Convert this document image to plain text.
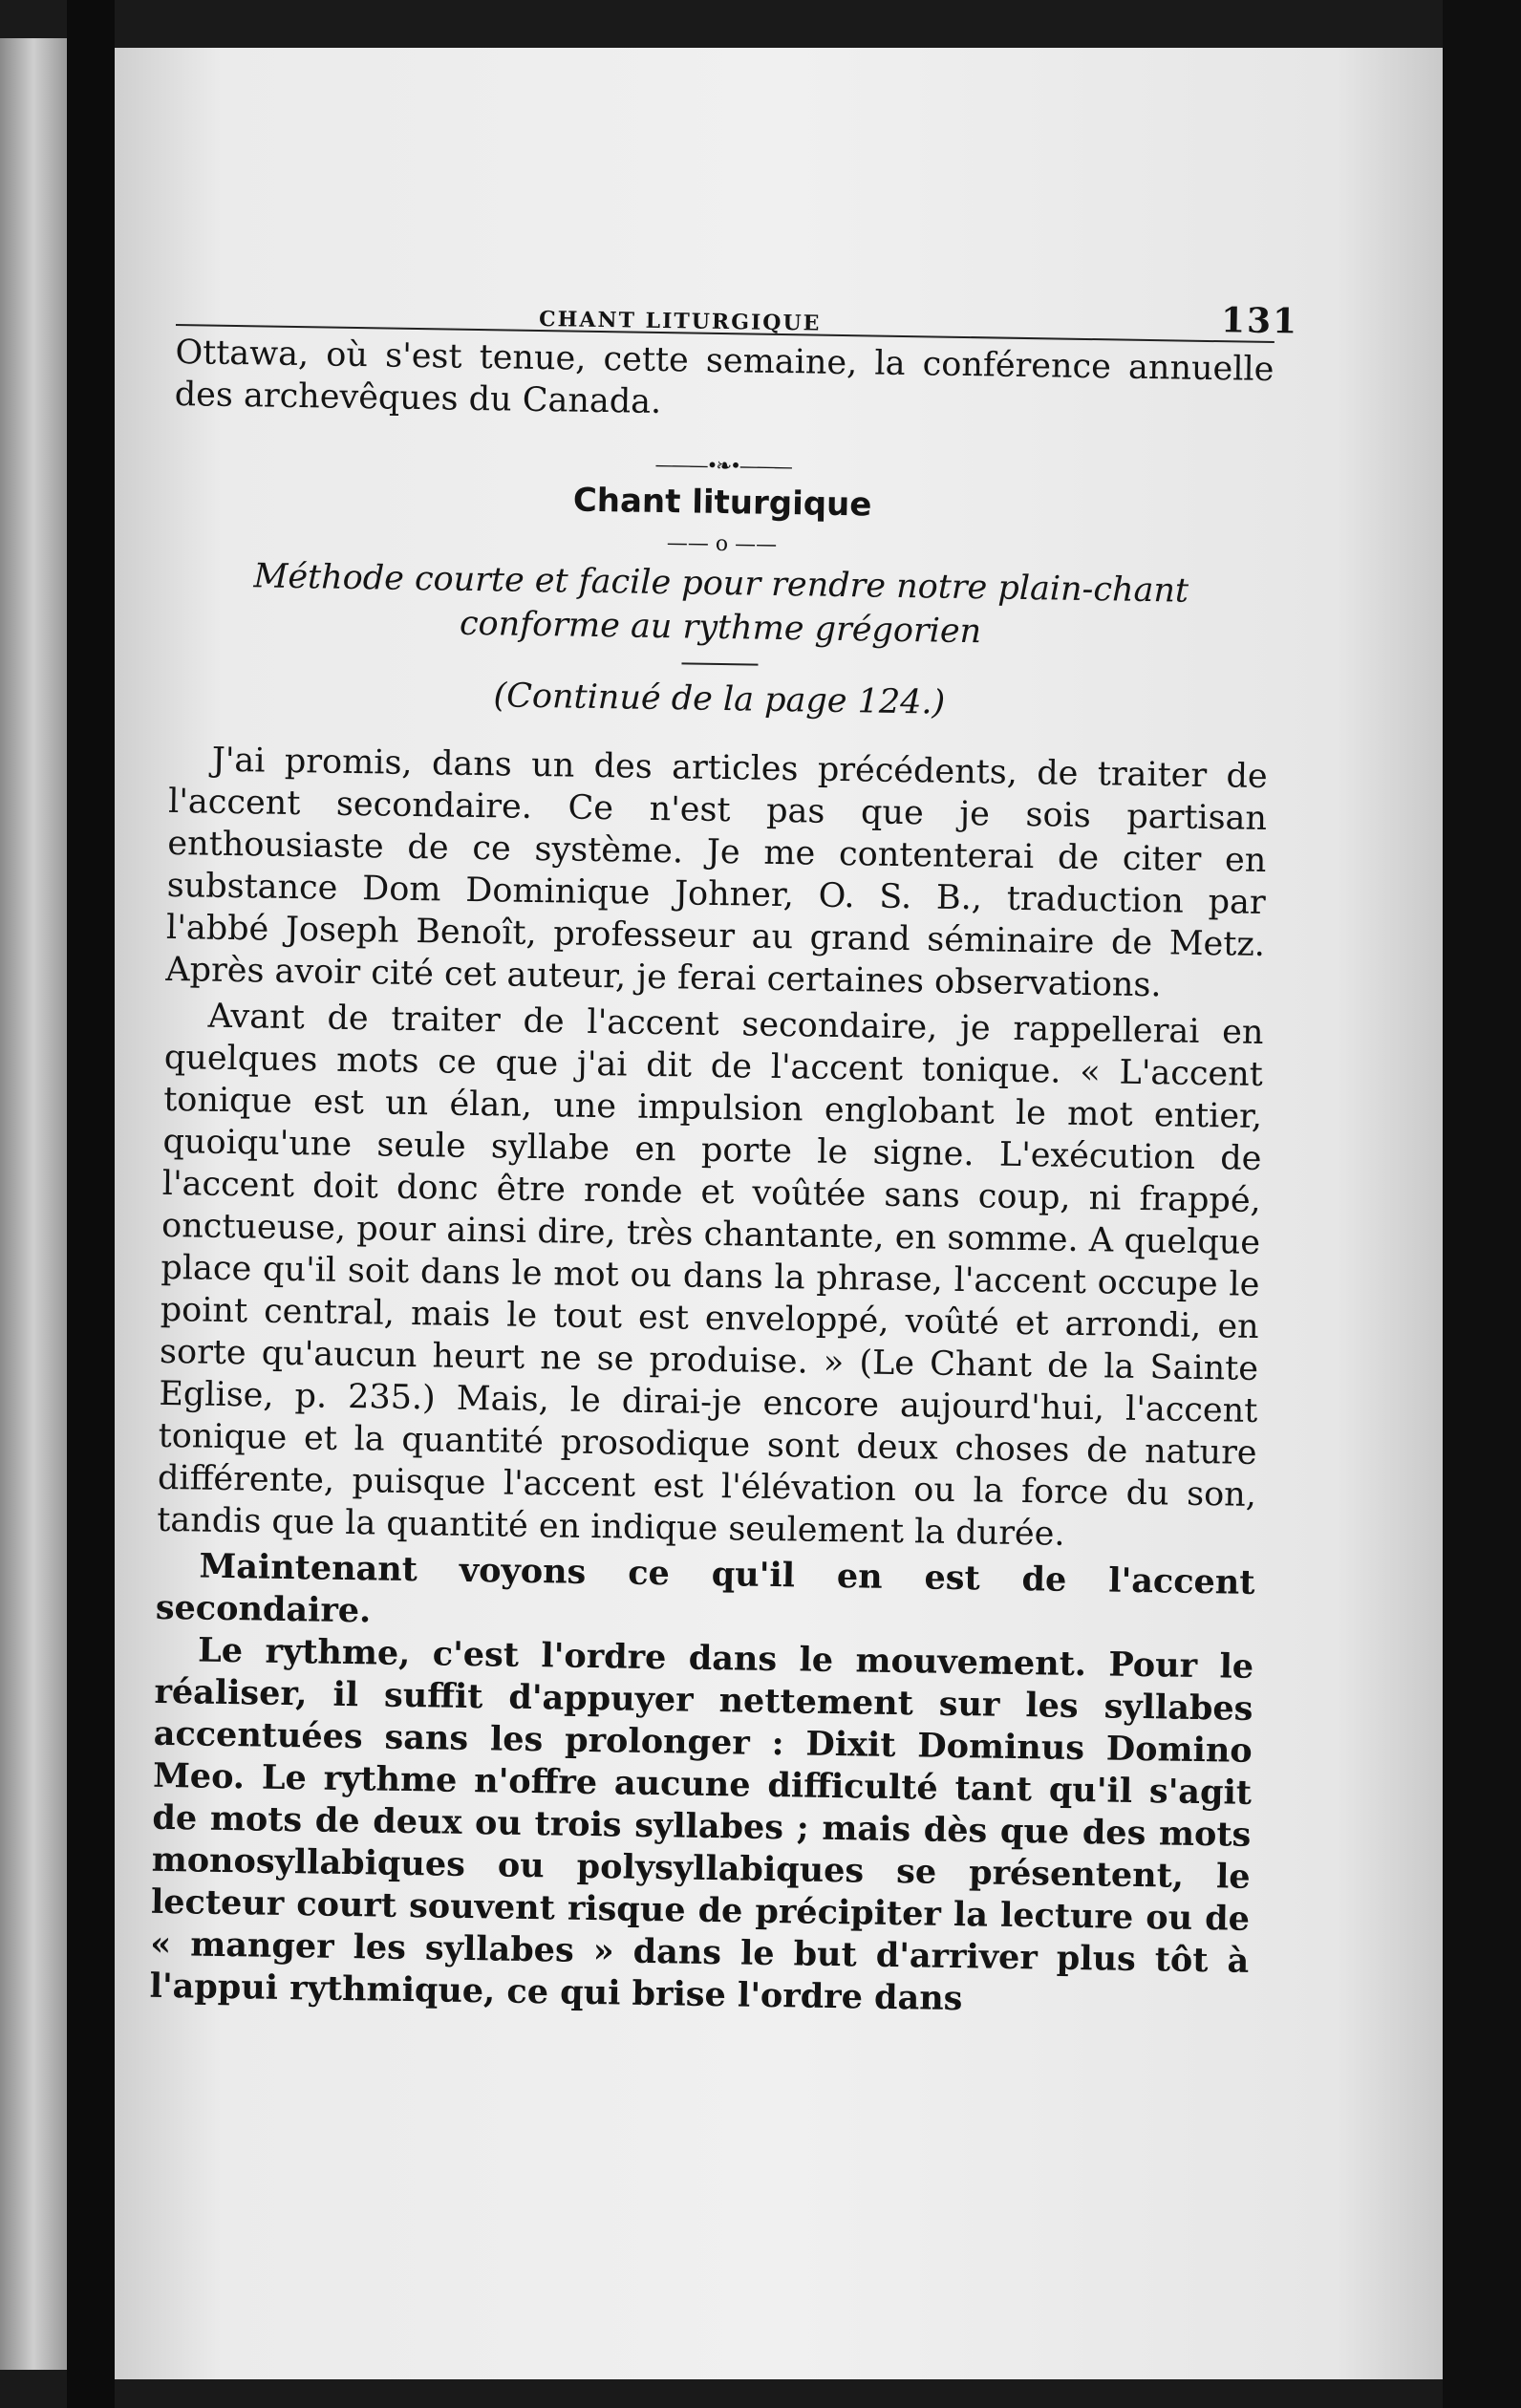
CHANT LITURGIQUE	131

Ottawa, où s'est tenue, cette semaine, la conférence annuelle des archevêques du Canada.

———•❧•———
Chant liturgique
—— o ——
Méthode courte et facile pour rendre notre plain-chant
conforme au rythme grégorien
(Continué de la page 124.)

J'ai promis, dans un des articles précédents, de traiter de l'accent secondaire. Ce n'est pas que je sois partisan enthousiaste de ce système. Je me contenterai de citer en substance Dom Dominique Johner, O. S. B., traduction par l'abbé Joseph Benoît, professeur au grand séminaire de Metz. Après avoir cité cet auteur, je ferai certaines observations.

Avant de traiter de l'accent secondaire, je rappellerai en quelques mots ce que j'ai dit de l'accent tonique. « L'accent tonique est un élan, une impulsion englobant le mot entier, quoiqu'une seule syllabe en porte le signe. L'exécution de l'accent doit donc être ronde et voûtée sans coup, ni frappé, onctueuse, pour ainsi dire, très chantante, en somme. A quelque place qu'il soit dans le mot ou dans la phrase, l'accent occupe le point central, mais le tout est enveloppé, voûté et arrondi, en sorte qu'aucun heurt ne se produise. » (Le Chant de la Sainte Eglise, p. 235.) Mais, le dirai-je encore aujourd'hui, l'accent tonique et la quantité prosodique sont deux choses de nature différente, puisque l'accent est l'élévation ou la force du son, tandis que la quantité en indique seulement la durée.

Maintenant voyons ce qu'il en est de l'accent secondaire.

Le rythme, c'est l'ordre dans le mouvement. Pour le réaliser, il suffit d'appuyer nettement sur les syllabes accentuées sans les prolonger : Dixit Dominus Domino Meo. Le rythme n'offre aucune difficulté tant qu'il s'agit de mots de deux ou trois syllabes ; mais dès que des mots monosyllabiques ou polysyllabiques se présentent, le lecteur court souvent risque de précipiter la lecture ou de « manger les syllabes » dans le but d'arriver plus tôt à l'appui rythmique, ce qui brise l'ordre dans
